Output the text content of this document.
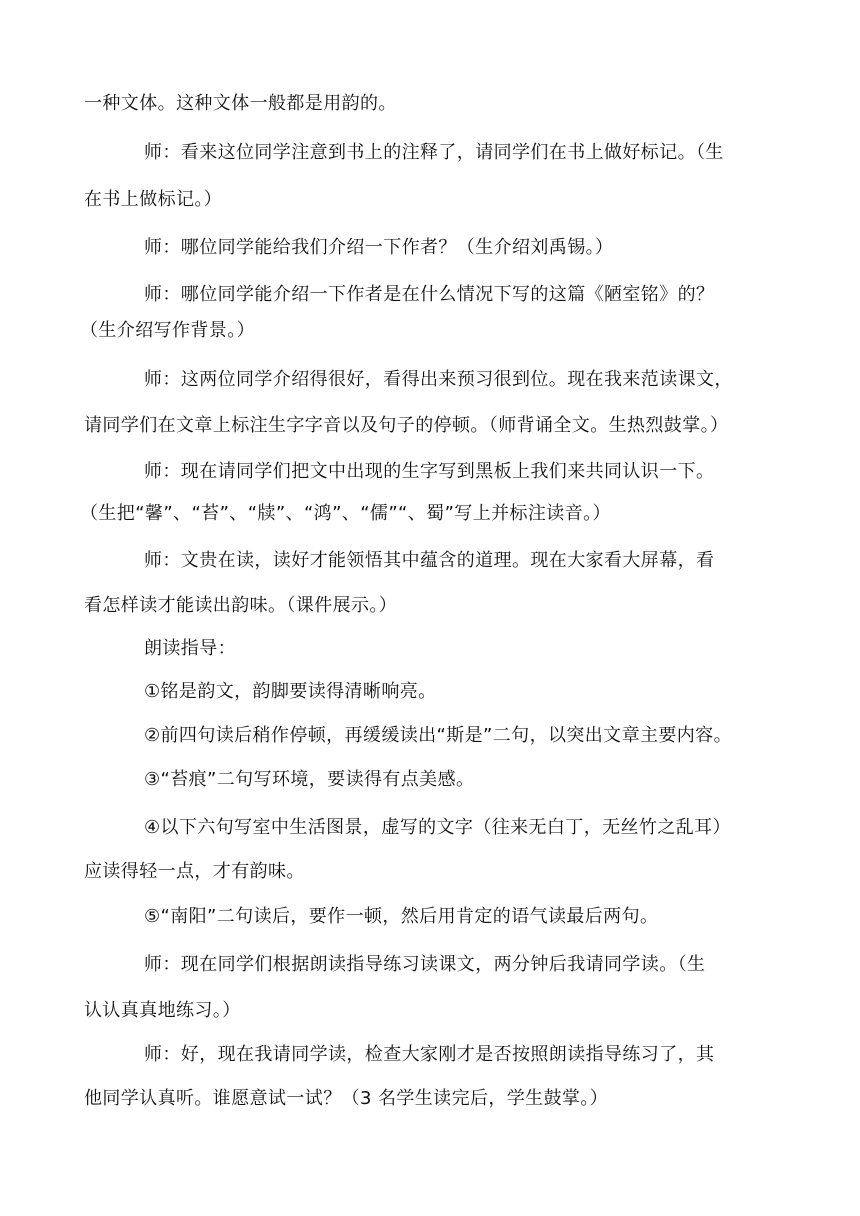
一种文体。这种文体一般都是用韵的。
师：看来这位同学注意到书上的注释了，请同学们在书上做好标记。（生
在书上做标记。）
师：哪位同学能给我们介绍一下作者？（生介绍刘禹锡。）
师：哪位同学能介绍一下作者是在什么情况下写的这篇《陋室铭》的？
（生介绍写作背景。）
师：这两位同学介绍得很好，看得出来预习很到位。现在我来范读课文，
请同学们在文章上标注生字字音以及句子的停顿。（师背诵全文。生热烈鼓掌。）
师：现在请同学们把文中出现的生字写到黑板上我们来共同认识一下。
（生把“馨”、“苔”、“牍”、“鸿”、“儒”“、蜀”写上并标注读音。）
师：文贵在读，读好才能领悟其中蕴含的道理。现在大家看大屏幕，看
看怎样读才能读出韵味。（课件展示。）
朗读指导：
①铭是韵文，韵脚要读得清晰响亮。
②前四句读后稍作停顿，再缓缓读出“斯是”二句，以突出文章主要内容。
③“苔痕”二句写环境，要读得有点美感。
④以下六句写室中生活图景，虚写的文字（往来无白丁，无丝竹之乱耳）
应读得轻一点，才有韵味。
⑤“南阳”二句读后，要作一顿，然后用肯定的语气读最后两句。
师：现在同学们根据朗读指导练习读课文，两分钟后我请同学读。（生
认认真真地练习。）
师：好，现在我请同学读，检查大家刚才是否按照朗读指导练习了，其
他同学认真听。谁愿意试一试？（3 名学生读完后，学生鼓掌。）
